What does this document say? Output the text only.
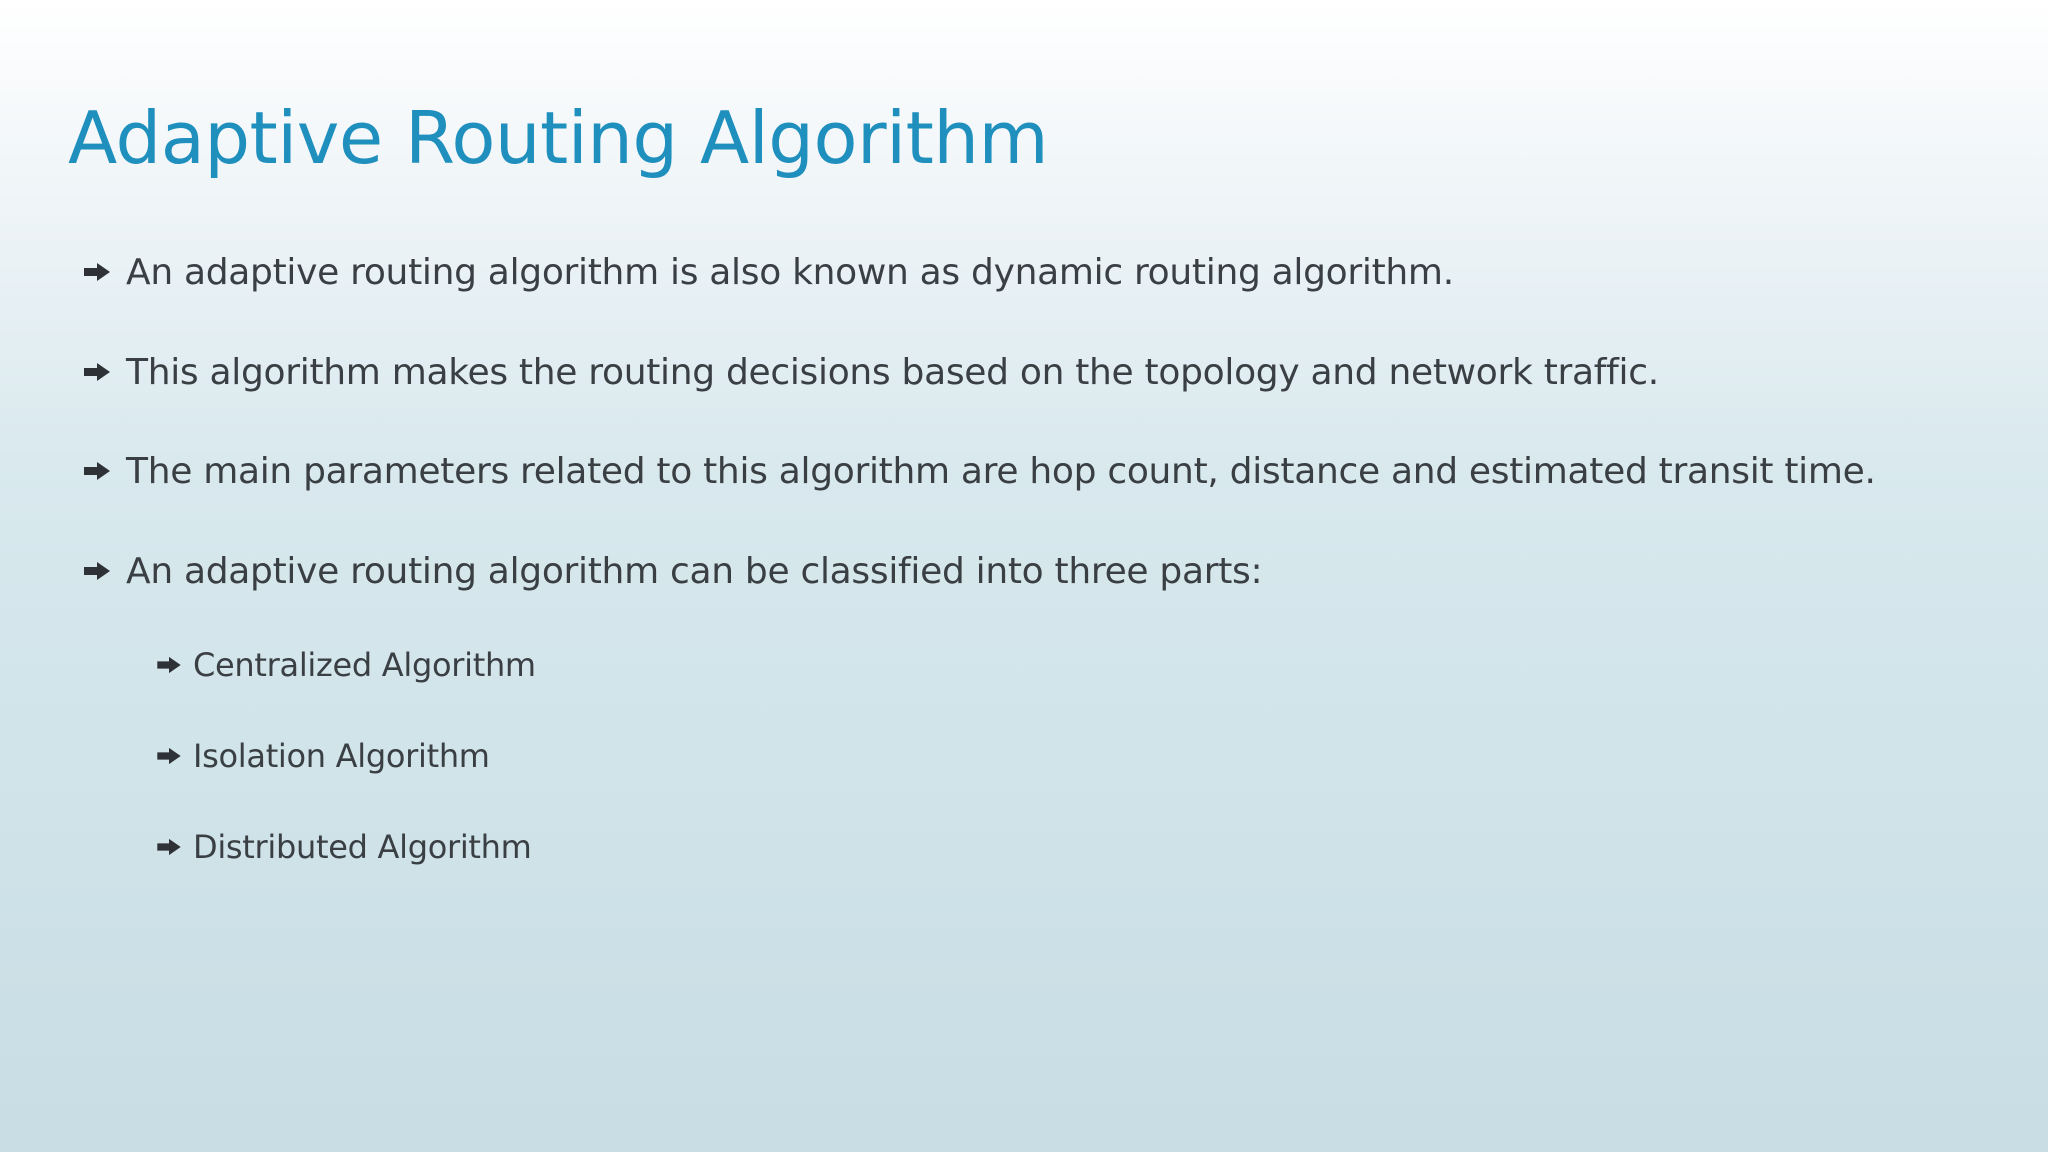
Adaptive Routing Algorithm
An adaptive routing algorithm is also known as dynamic routing algorithm.
This algorithm makes the routing decisions based on the topology and network traffic.
The main parameters related to this algorithm are hop count, distance and estimated transit time.
An adaptive routing algorithm can be classified into three parts:
Centralized Algorithm
Isolation Algorithm
Distributed Algorithm
